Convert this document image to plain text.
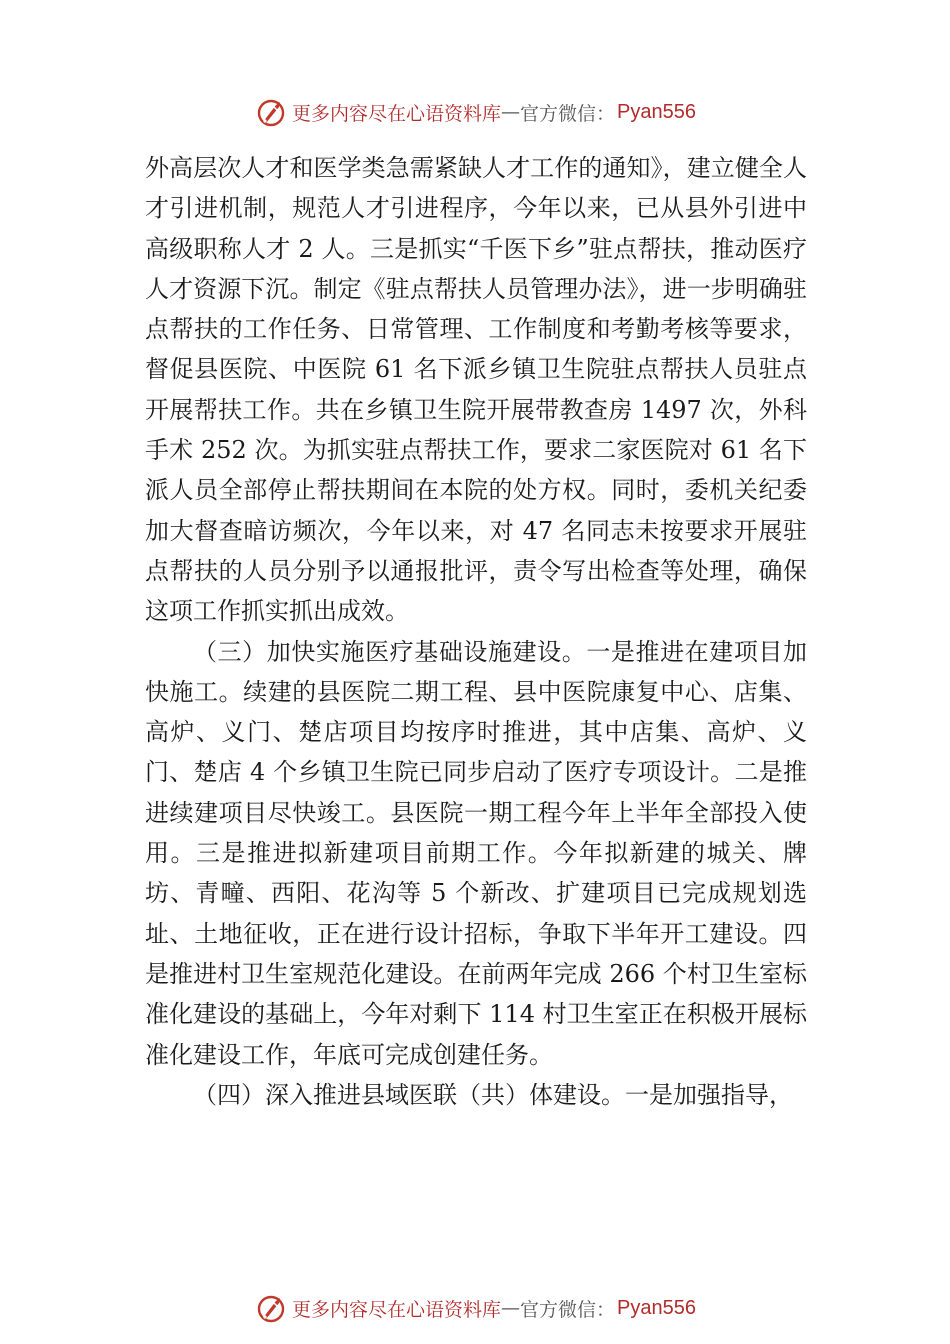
更多内容尽在心语资料库 — 官方微信： Pyan556

外高层次人才和医学类急需紧缺人才工作的通知》，建立健全人才引进机制，规范人才引进程序，今年以来，已从县外引进中高级职称人才 2 人。三是抓实“千医下乡”驻点帮扶，推动医疗人才资源下沉。制定《驻点帮扶人员管理办法》，进一步明确驻点帮扶的工作任务、日常管理、工作制度和考勤考核等要求，督促县医院、中医院 61 名下派乡镇卫生院驻点帮扶人员驻点开展帮扶工作。共在乡镇卫生院开展带教查房 1497 次，外科手术 252 次。为抓实驻点帮扶工作，要求二家医院对 61 名下派人员全部停止帮扶期间在本院的处方权。同时，委机关纪委加大督查暗访频次，今年以来，对 47 名同志未按要求开展驻点帮扶的人员分别予以通报批评，责令写出检查等处理，确保这项工作抓实抓出成效。

（三）加快实施医疗基础设施建设。一是推进在建项目加快施工。续建的县医院二期工程、县中医院康复中心、店集、高炉、义门、楚店项目均按序时推进，其中店集、高炉、义门、楚店 4 个乡镇卫生院已同步启动了医疗专项设计。二是推进续建项目尽快竣工。县医院一期工程今年上半年全部投入使用。三是推进拟新建项目前期工作。今年拟新建的城关、牌坊、青疃、西阳、花沟等 5 个新改、扩建项目已完成规划选址、土地征收，正在进行设计招标，争取下半年开工建设。四是推进村卫生室规范化建设。在前两年完成 266 个村卫生室标准化建设的基础上，今年对剩下 114 村卫生室正在积极开展标准化建设工作，年底可完成创建任务。

（四）深入推进县域医联（共）体建设。一是加强指导，

更多内容尽在心语资料库 — 官方微信： Pyan556
